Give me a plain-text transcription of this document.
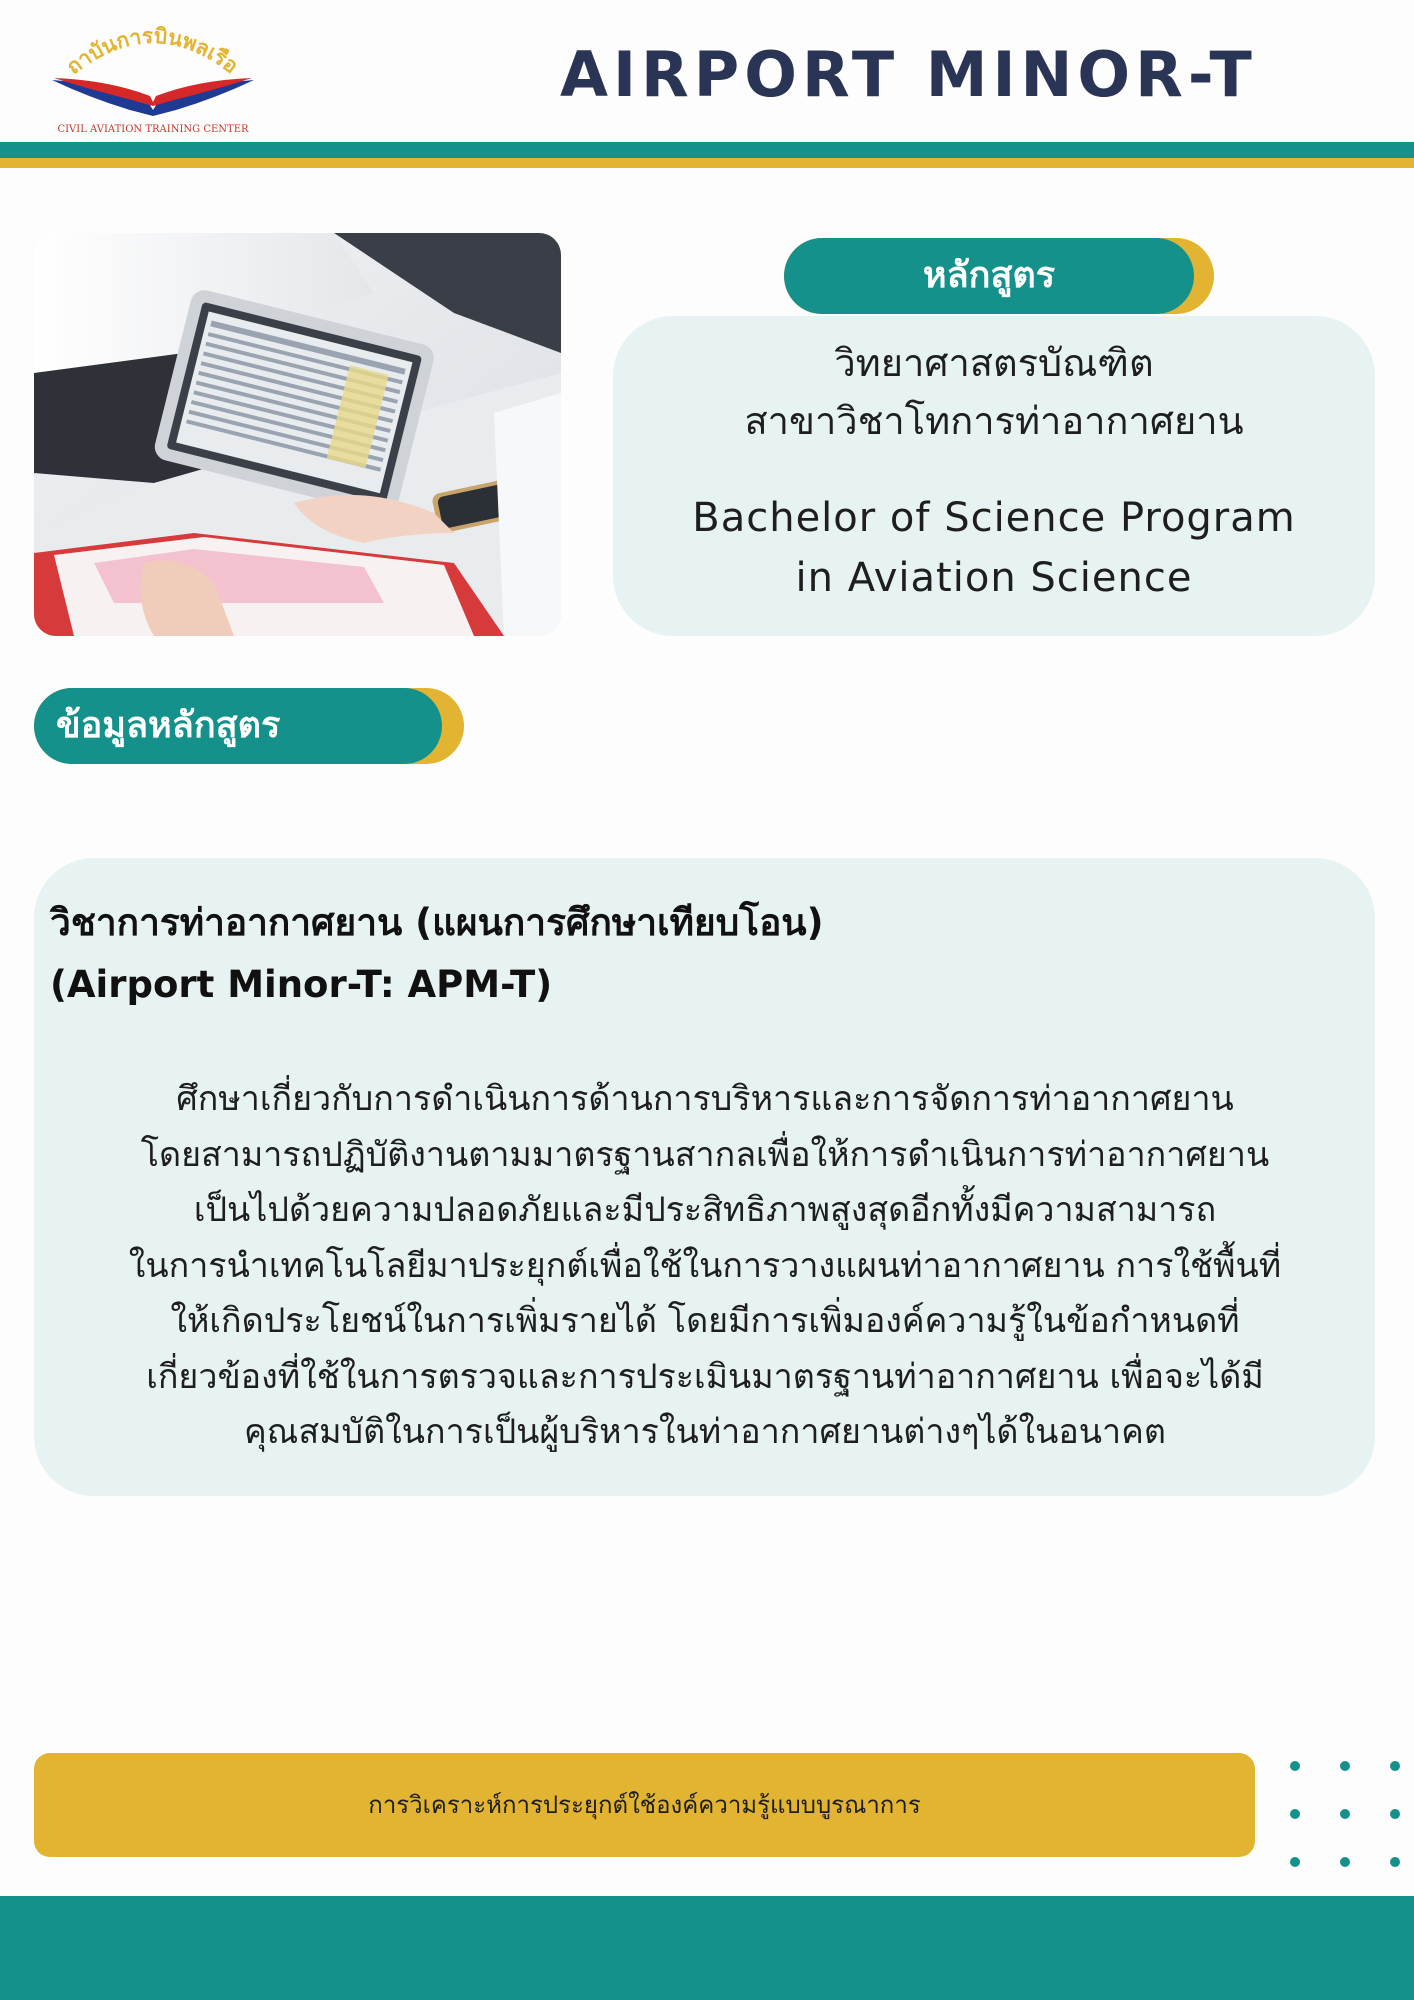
ถาบันการบินพลเรือ
CIVIL AVIATION TRAINING CENTER
AIRPORT MINOR-T
หลักสูตร
วิทยาศาสตรบัณฑิต
สาขาวิชาโทการท่าอากาศยาน
Bachelor of Science Program
in Aviation Science
ข้อมูลหลักสูตร
วิชาการท่าอากาศยาน (แผนการศึกษาเทียบโอน)
(Airport Minor-T: APM-T)
ศึกษาเกี่ยวกับการดำเนินการด้านการบริหารและการจัดการท่าอากาศยาน
โดยสามารถปฏิบัติงานตามมาตรฐานสากลเพื่อให้การดำเนินการท่าอากาศยาน
เป็นไปด้วยความปลอดภัยและมีประสิทธิภาพสูงสุดอีกทั้งมีความสามารถ
ในการนำเทคโนโลยีมาประยุกต์เพื่อใช้ในการวางแผนท่าอากาศยาน การใช้พื้นที่
ให้เกิดประโยชน์ในการเพิ่มรายได้ โดยมีการเพิ่มองค์ความรู้ในข้อกำหนดที่
เกี่ยวข้องที่ใช้ในการตรวจและการประเมินมาตรฐานท่าอากาศยาน เพื่อจะได้มี
คุณสมบัติในการเป็นผู้บริหารในท่าอากาศยานต่างๆได้ในอนาคต
การวิเคราะห์การประยุกต์ใช้องค์ความรู้แบบบูรณาการ
